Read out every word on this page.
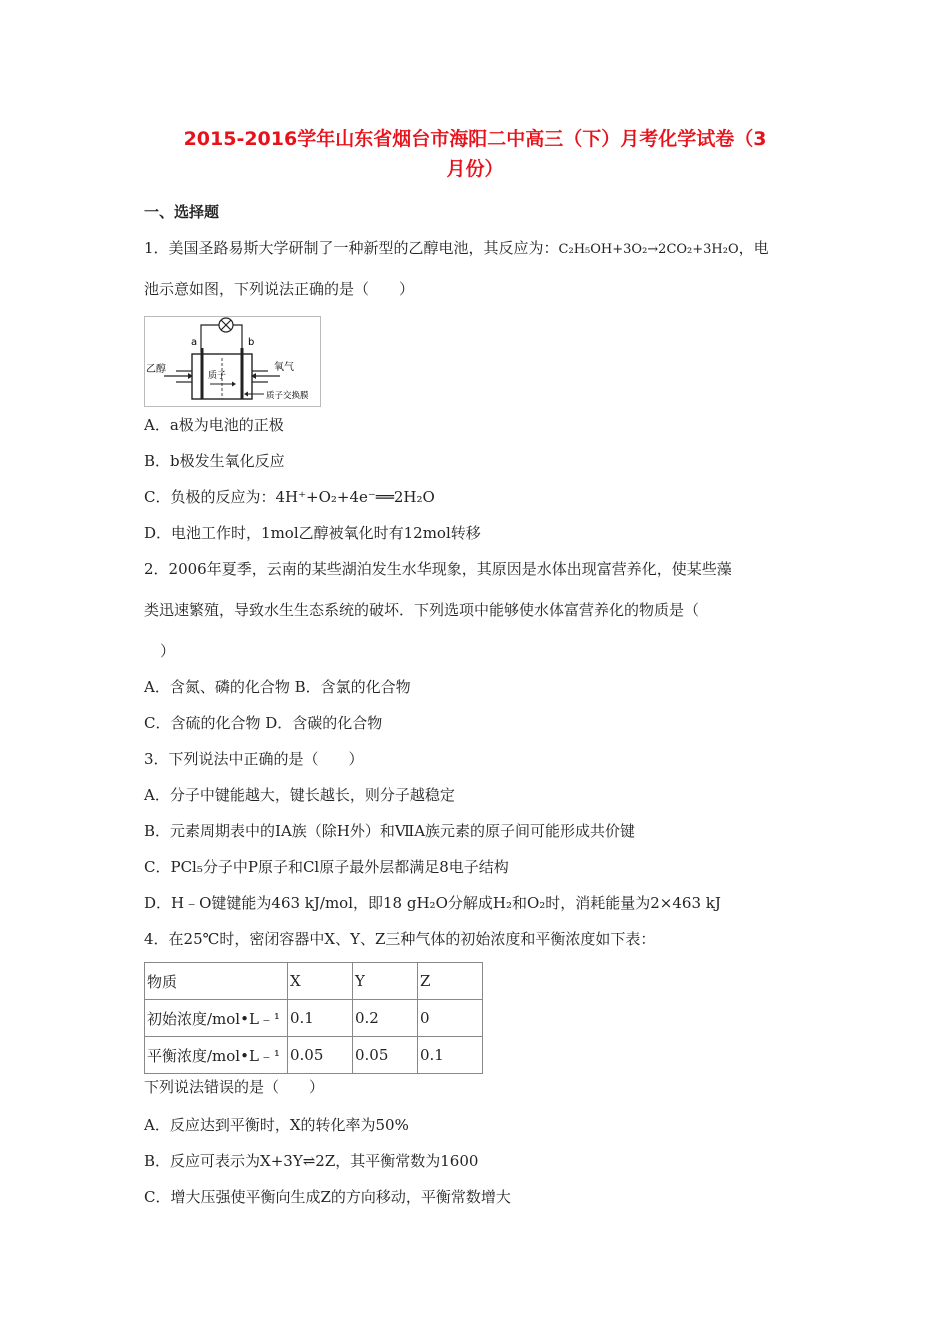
2015-2016学年山东省烟台市海阳二中高三（下）月考化学试卷（3
月份）
一、选择题
1．美国圣路易斯大学研制了一种新型的乙醇电池，其反应为：C₂H₅OH+3O₂→2CO₂+3H₂O，电
池示意如图，下列说法正确的是（　　）
a	b
乙醇	氧气
质子
质子交换膜
A．a极为电池的正极
B．b极发生氧化反应
C．负极的反应为：4H⁺+O₂+4e⁻══2H₂O
D．电池工作时，1mol乙醇被氧化时有12mol转移
2．2006年夏季，云南的某些湖泊发生水华现象，其原因是水体出现富营养化，使某些藻
类迅速繁殖，导致水生生态系统的破坏．下列选项中能够使水体富营养化的物质是（
）
A．含氮、磷的化合物 B．含氯的化合物
C．含硫的化合物 D．含碳的化合物
3．下列说法中正确的是（　　）
A．分子中键能越大，键长越长，则分子越稳定
B．元素周期表中的ⅠA族（除H外）和ⅦA族元素的原子间可能形成共价键
C．PCl₅分子中P原子和Cl原子最外层都满足8电子结构
D．H﹣O键键能为463 kJ/mol，即18 gH₂O分解成H₂和O₂时，消耗能量为2×463 kJ
4．在25℃时，密闭容器中X、Y、Z三种气体的初始浓度和平衡浓度如下表：
物质	X	Y	Z
初始浓度/mol•L﹣¹	0.1	0.2	0
平衡浓度/mol•L﹣¹	0.05	0.05	0.1
下列说法错误的是（　　）
A．反应达到平衡时，X的转化率为50%
B．反应可表示为X+3Y⇌2Z，其平衡常数为1600
C．增大压强使平衡向生成Z的方向移动，平衡常数增大
